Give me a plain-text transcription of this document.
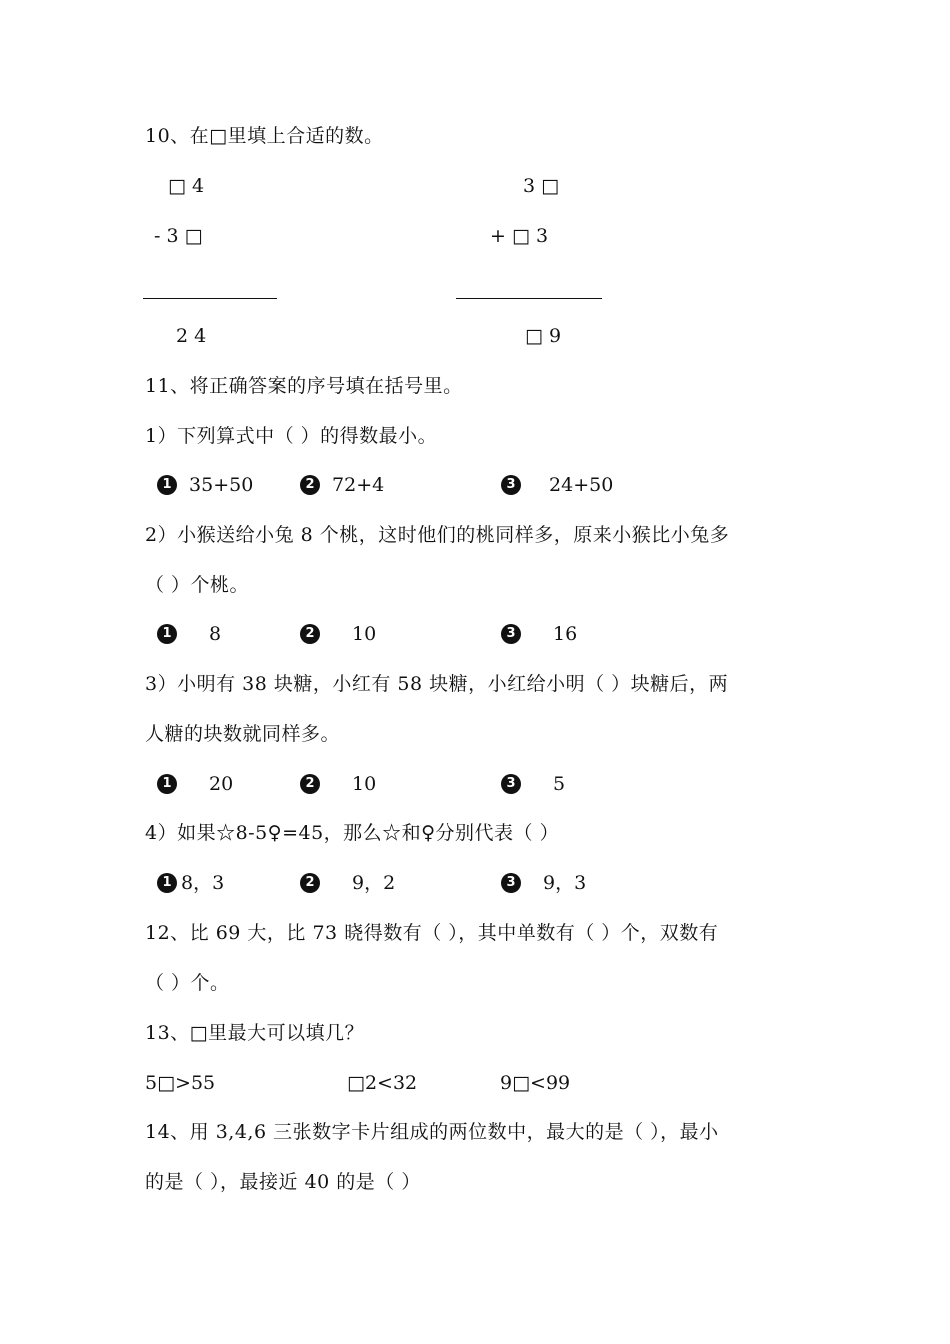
10、在□里填上合适的数。
□ 4
- 3 □
2 4
3 □
+ □ 3
□ 9
11、将正确答案的序号填在括号里。
1）下列算式中（ ）的得数最小。
1 35+50	2 72+4	3 24+50
2）小猴送给小兔 8 个桃，这时他们的桃同样多，原来小猴比小兔多
（ ）个桃。
1 8	2 10	3 16
3）小明有 38 块糖，小红有 58 块糖，小红给小明（ ）块糖后，两
人糖的块数就同样多。
1 20	2 10	3 5
4）如果☆8-5♀=45，那么☆和♀分别代表（ ）
1 8，3	2 9，2	3 9，3
12、比 69 大，比 73 晓得数有（ ），其中单数有（ ）个，双数有
（ ）个。
13、□里最大可以填几？
5□>55	□2<32	9□<99
14、用 3,4,6 三张数字卡片组成的两位数中，最大的是（ ），最小
的是（ ），最接近 40 的是（ ）
